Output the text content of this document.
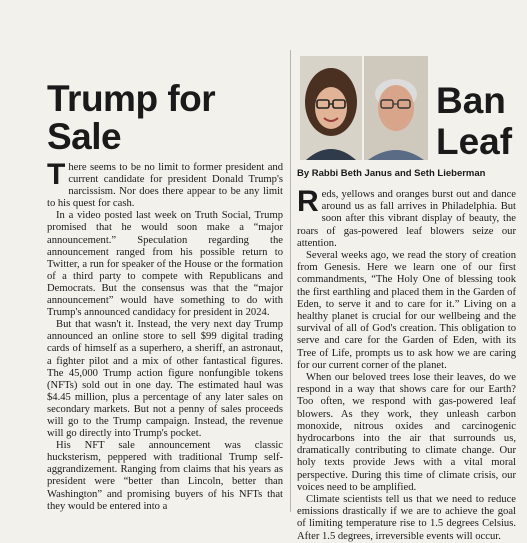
Trump for Sale

There seems to be no limit to former president and current candidate for president Donald Trump's narcissism. Nor does there appear to be any limit to his quest for cash.

In a video posted last week on Truth Social, Trump promised that he would soon make a “major announcement.” Speculation regarding the announcement ranged from his possible return to Twitter, a run for speaker of the House or the formation of a third party to compete with Republicans and Democrats. But the consensus was that the “major announcement” would have something to do with Trump's announced candidacy for president in 2024.

But that wasn't it. Instead, the very next day Trump announced an online store to sell $99 digital trading cards of himself as a superhero, a sheriff, an astronaut, a fighter pilot and a mix of other fantastical figures. The 45,000 Trump action figure nonfungible tokens (NFTs) sold out in one day. The estimated haul was $4.45 million, plus a percentage of any later sales on secondary markets. But not a penny of sales proceeds will go to the Trump campaign. Instead, the revenue will go directly into Trump's pocket.

His NFT sale announcement was classic hucksterism, peppered with traditional Trump self-aggrandizement. Ranging from claims that his years as president were “better than Lincoln, better than Washington” and promising buyers of his NFTs that they would be entered into a

Ban
Leaf
By Rabbi Beth Janus and Seth Lieberman

Reds, yellows and oranges burst out and dance around us as fall arrives in Philadelphia. But soon after this vibrant display of beauty, the roars of gas-powered leaf blowers seize our attention.

Several weeks ago, we read the story of creation from Genesis. Here we learn one of our first commandments, “The Holy One of blessing took the first earthling and placed them in the Garden of Eden, to serve it and to care for it.” Living on a healthy planet is crucial for our wellbeing and the survival of all of God's creation. This obligation to serve and care for the Garden of Eden, with its Tree of Life, prompts us to ask how we are caring for our current corner of the planet.

When our beloved trees lose their leaves, do we respond in a way that shows care for our Earth? Too often, we respond with gas-powered leaf blowers. As they work, they unleash carbon monoxide, nitrous oxides and carcinogenic hydrocarbons into the air that surrounds us, dramatically contributing to climate change. Our holy texts provide Jews with a vital moral perspective. During this time of climate crisis, our voices need to be amplified.

Climate scientists tell us that we need to reduce emissions drastically if we are to achieve the goal of limiting temperature rise to 1.5 degrees Celsius. After 1.5 degrees, irreversible events will occur.
